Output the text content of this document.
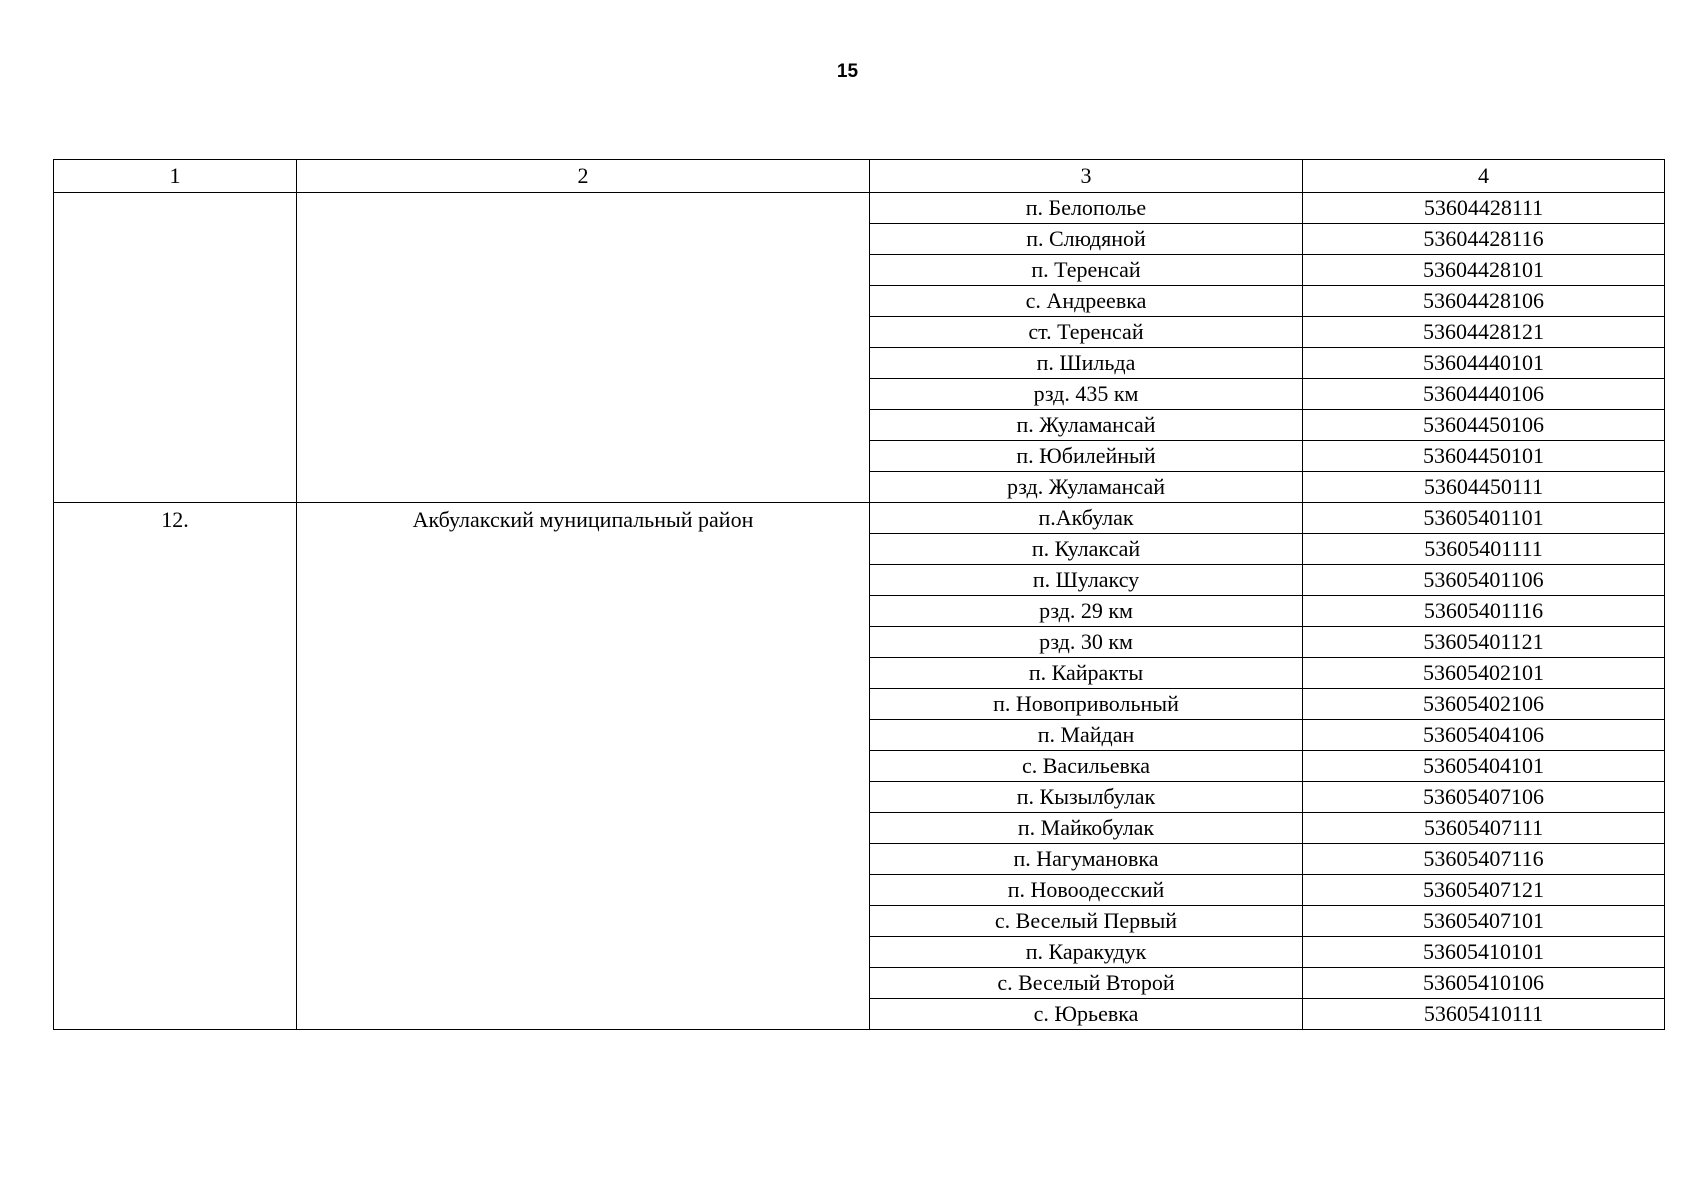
15
1	2	3	4
		п. Белополье	53604428111
		п. Слюдяной	53604428116
		п. Теренсай	53604428101
		с. Андреевка	53604428106
		ст. Теренсай	53604428121
		п. Шильда	53604440101
		рзд. 435 км	53604440106
		п. Жуламансай	53604450106
		п. Юбилейный	53604450101
		рзд. Жуламансай	53604450111
12.	Акбулакский муниципальный район	п.Акбулак	53605401101
		п. Кулаксай	53605401111
		п. Шулаксу	53605401106
		рзд. 29 км	53605401116
		рзд. 30 км	53605401121
		п. Кайракты	53605402101
		п. Новопривольный	53605402106
		п. Майдан	53605404106
		с. Васильевка	53605404101
		п. Кызылбулак	53605407106
		п. Майкобулак	53605407111
		п. Нагумановка	53605407116
		п. Новоодесский	53605407121
		с. Веселый Первый	53605407101
		п. Каракудук	53605410101
		с. Веселый Второй	53605410106
		с. Юрьевка	53605410111
